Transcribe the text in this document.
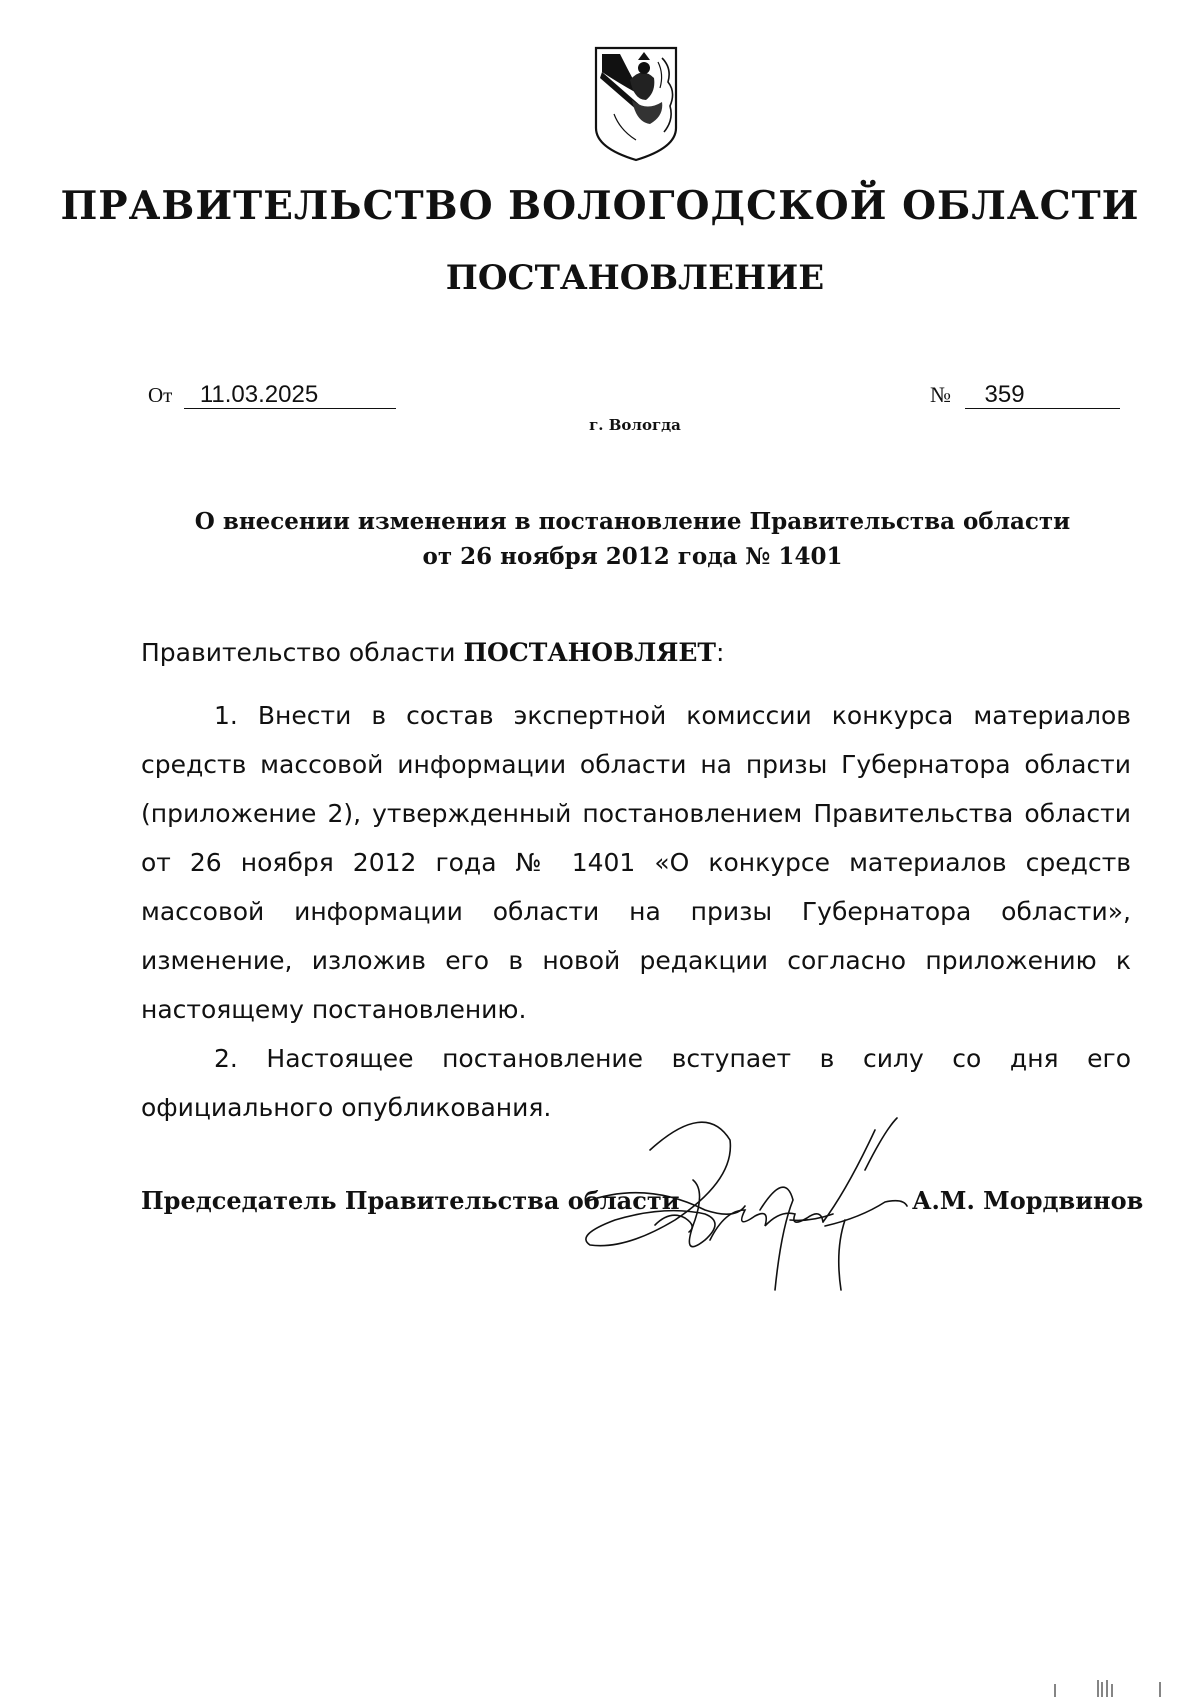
ПРАВИТЕЛЬСТВО ВОЛОГОДСКОЙ ОБЛАСТИ
ПОСТАНОВЛЕНИЕ
От 11.03.2025	№ 359
г. Вологда
О внесении изменения в постановление Правительства области
от 26 ноября 2012 года № 1401

Правительство области ПОСТАНОВЛЯЕТ:

1. Внести в состав экспертной комиссии конкурса материалов средств массовой информации области на призы Губернатора области (приложение 2), утвержденный постановлением Правительства области от 26 ноября 2012 года № 1401 «О конкурсе материалов средств массовой информации области на призы Губернатора области», изменение, изложив его в новой редакции согласно приложению к настоящему постановлению.

2. Настоящее постановление вступает в силу со дня его официального опубликования.

Председатель Правительства области	А.М. Мордвинов
